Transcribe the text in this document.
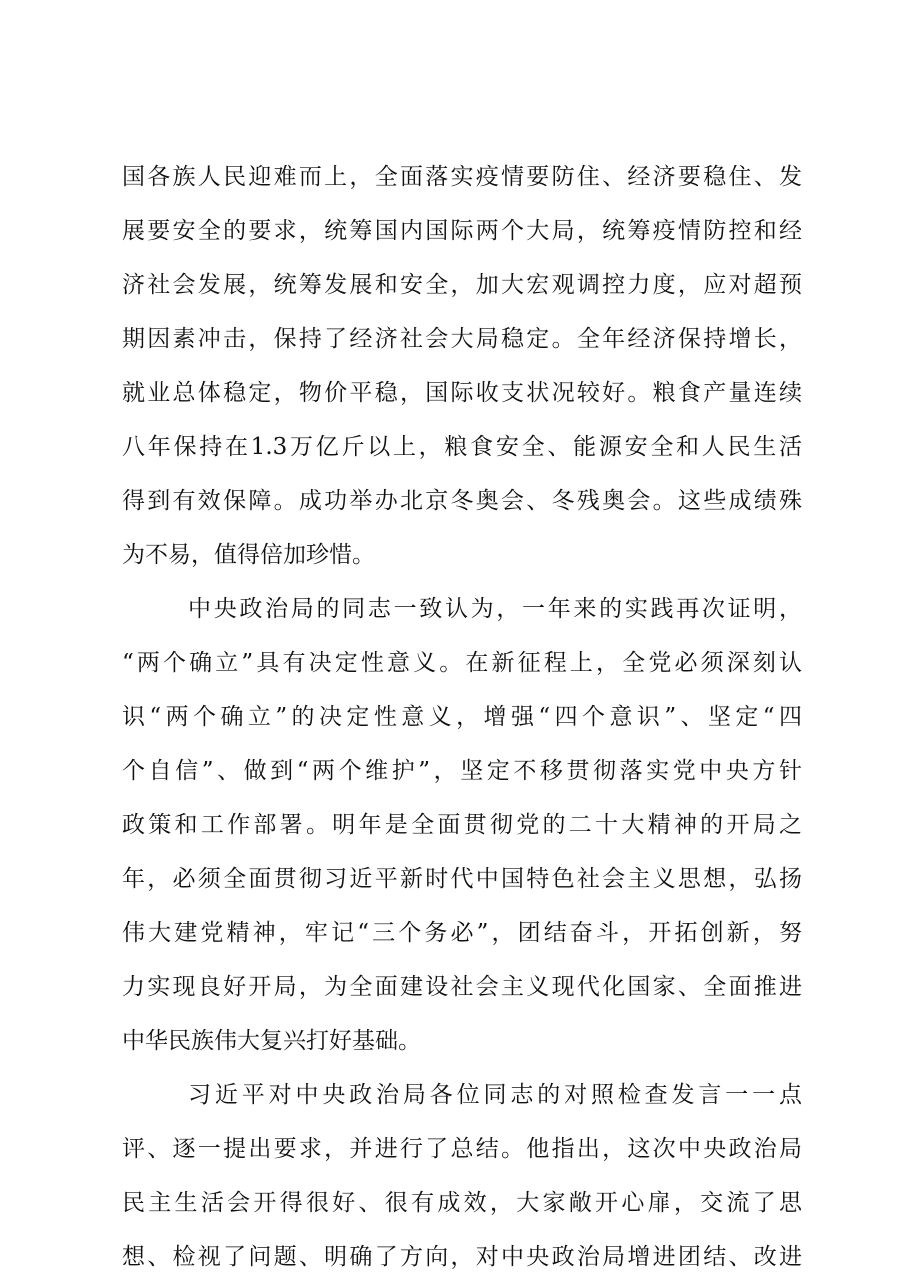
国各族人民迎难而上，全面落实疫情要防住、经济要稳住、发
展要安全的要求，统筹国内国际两个大局，统筹疫情防控和经
济社会发展，统筹发展和安全，加大宏观调控力度，应对超预
期因素冲击，保持了经济社会大局稳定。全年经济保持增长，
就业总体稳定，物价平稳，国际收支状况较好。粮食产量连续
八年保持在1.3万亿斤以上，粮食安全、能源安全和人民生活
得到有效保障。成功举办北京冬奥会、冬残奥会。这些成绩殊
为不易，值得倍加珍惜。
中央政治局的同志一致认为，一年来的实践再次证明，
“两个确立”具有决定性意义。在新征程上，全党必须深刻认
识“两个确立”的决定性意义，增强“四个意识”、坚定“四
个自信”、做到“两个维护”，坚定不移贯彻落实党中央方针
政策和工作部署。明年是全面贯彻党的二十大精神的开局之
年，必须全面贯彻习近平新时代中国特色社会主义思想，弘扬
伟大建党精神，牢记“三个务必”，团结奋斗，开拓创新，努
力实现良好开局，为全面建设社会主义现代化国家、全面推进
中华民族伟大复兴打好基础。
习近平对中央政治局各位同志的对照检查发言一一点
评、逐一提出要求，并进行了总结。他指出，这次中央政治局
民主生活会开得很好、很有成效，大家敞开心扉，交流了思
想、检视了问题、明确了方向，对中央政治局增进团结、改进
